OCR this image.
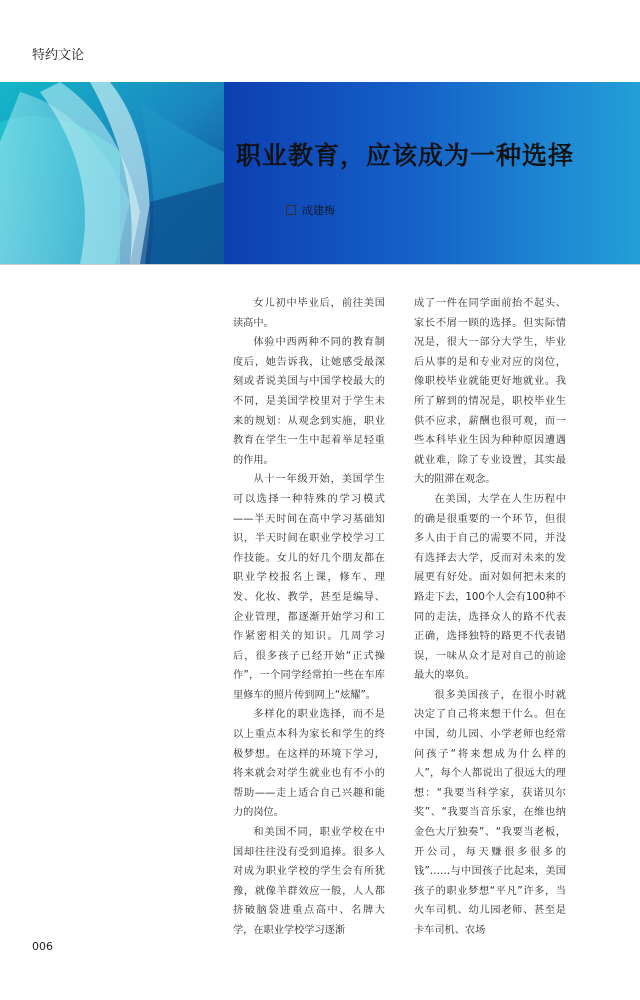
特约文论
职业教育，应该成为一种选择
成建梅

女儿初中毕业后，前往美国读高中。

体验中西两种不同的教育制度后，她告诉我，让她感受最深刻或者说美国与中国学校最大的不同，是美国学校里对于学生未来的规划：从观念到实施，职业教育在学生一生中起着举足轻重的作用。

从十一年级开始，美国学生可以选择一种特殊的学习模式——半天时间在高中学习基础知识，半天时间在职业学校学习工作技能。女儿的好几个朋友都在职业学校报名上课，修车、理发、化妆、教学，甚至是编导、企业管理，都逐渐开始学习和工作紧密相关的知识。几周学习后，很多孩子已经开始“正式操作”，一个同学经常拍一些在车库里修车的照片传到网上“炫耀”。

多样化的职业选择，而不是以上重点本科为家长和学生的终极梦想。在这样的环境下学习，将来就会对学生就业也有不小的帮助——走上适合自己兴趣和能力的岗位。

和美国不同，职业学校在中国却往往没有受到追捧。很多人对成为职业学校的学生会有所犹豫，就像羊群效应一般，人人都挤破脑袋进重点高中、名牌大学，在职业学校学习逐渐

成了一件在同学面前抬不起头、家长不屑一顾的选择。但实际情况是，很大一部分大学生，毕业后从事的是和专业对应的岗位，像职校毕业就能更好地就业。我所了解到的情况是，职校毕业生供不应求，薪酬也很可观，而一些本科毕业生因为种种原因遭遇就业难，除了专业设置，其实最大的阻滞在观念。

在美国，大学在人生历程中的确是很重要的一个环节，但很多人由于自己的需要不同，并没有选择去大学，反而对未来的发展更有好处。面对如何把未来的路走下去，100个人会有100种不同的走法，选择众人的路不代表正确，选择独特的路更不代表错误，一味从众才是对自己的前途最大的辜负。

很多美国孩子，在很小时就决定了自己将来想干什么。但在中国，幼儿园、小学老师也经常问孩子“将来想成为什么样的人”，每个人都说出了很远大的理想：“我要当科学家，获诺贝尔奖”、“我要当音乐家，在维也纳金色大厅独奏”、“我要当老板，开公司，每天赚很多很多的钱”……与中国孩子比起来，美国孩子的职业梦想“平凡”许多，当火车司机、幼儿园老师、甚至是卡车司机、农场

006
